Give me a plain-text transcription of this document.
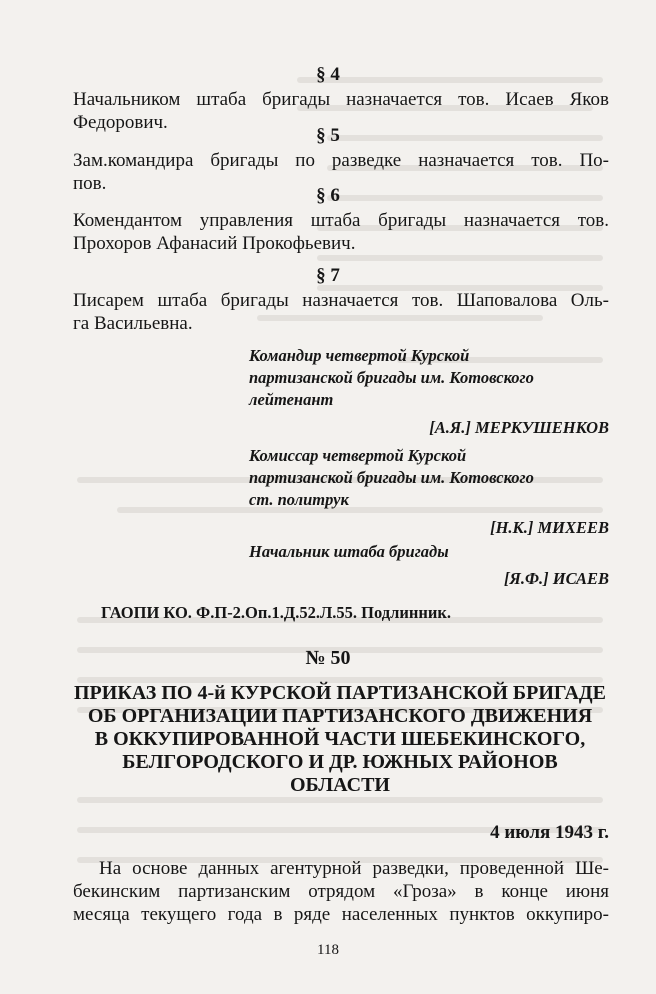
§ 4
Начальником штаба бригады назначается тов. Исаев Яков
Федорович.
§ 5
Зам.командира бригады по разведке назначается тов. По-
пов.
§ 6
Комендантом управления штаба бригады назначается тов.
Прохоров Афанасий Прокофьевич.
§ 7
Писарем штаба бригады назначается тов. Шаповалова Оль-
га Васильевна.
Командир четвертой Курской
партизанской бригады им. Котовского
лейтенант
[А.Я.] МЕРКУШЕНКОВ
Комиссар четвертой Курской
партизанской бригады им. Котовского
ст. политрук
[Н.К.] МИХЕЕВ
Начальник штаба бригады
[Я.Ф.] ИСАЕВ
ГАОПИ КО. Ф.П-2.Оп.1.Д.52.Л.55. Подлинник.
№ 50
ПРИКАЗ ПО 4-й КУРСКОЙ ПАРТИЗАНСКОЙ БРИГАДЕ
ОБ ОРГАНИЗАЦИИ ПАРТИЗАНСКОГО ДВИЖЕНИЯ
В ОККУПИРОВАННОЙ ЧАСТИ ШЕБЕКИНСКОГО,
БЕЛГОРОДСКОГО И ДР. ЮЖНЫХ РАЙОНОВ
ОБЛАСТИ
4 июля 1943 г.
На основе данных агентурной разведки, проведенной Ше-
бекинским партизанским отрядом «Гроза» в конце июня
месяца текущего года в ряде населенных пунктов оккупиро-
118
